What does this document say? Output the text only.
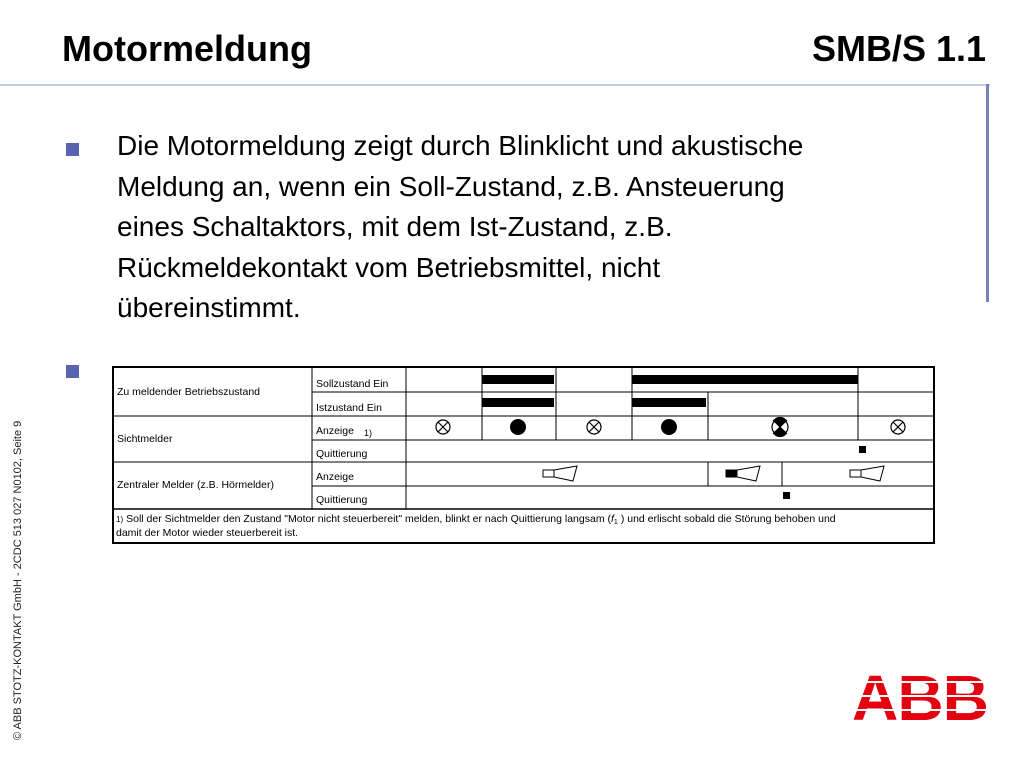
Motormeldung	SMB/S 1.1
Die Motormeldung zeigt durch Blinklicht und akustische
Meldung an, wenn ein Soll-Zustand, z.B. Ansteuerung
eines Schaltaktors, mit dem Ist-Zustand, z.B.
Rückmeldekontakt vom Betriebsmittel, nicht
übereinstimmt.
Zu meldender Betriebszustand
Sichtmelder
Zentraler Melder (z.B. Hörmelder)
Sollzustand Ein
Istzustand Ein
Anzeige 1)
Quittierung
Anzeige
Quittierung
1) Soll der Sichtmelder den Zustand "Motor nicht steuerbereit" melden, blinkt er nach Quittierung langsam (f1 ) und erlischt sobald die Störung behoben und
damit der Motor wieder steuerbereit ist.
© ABB STOTZ-KONTAKT GmbH - 2CDC 513 027 N0102, Seite 9	ABB
